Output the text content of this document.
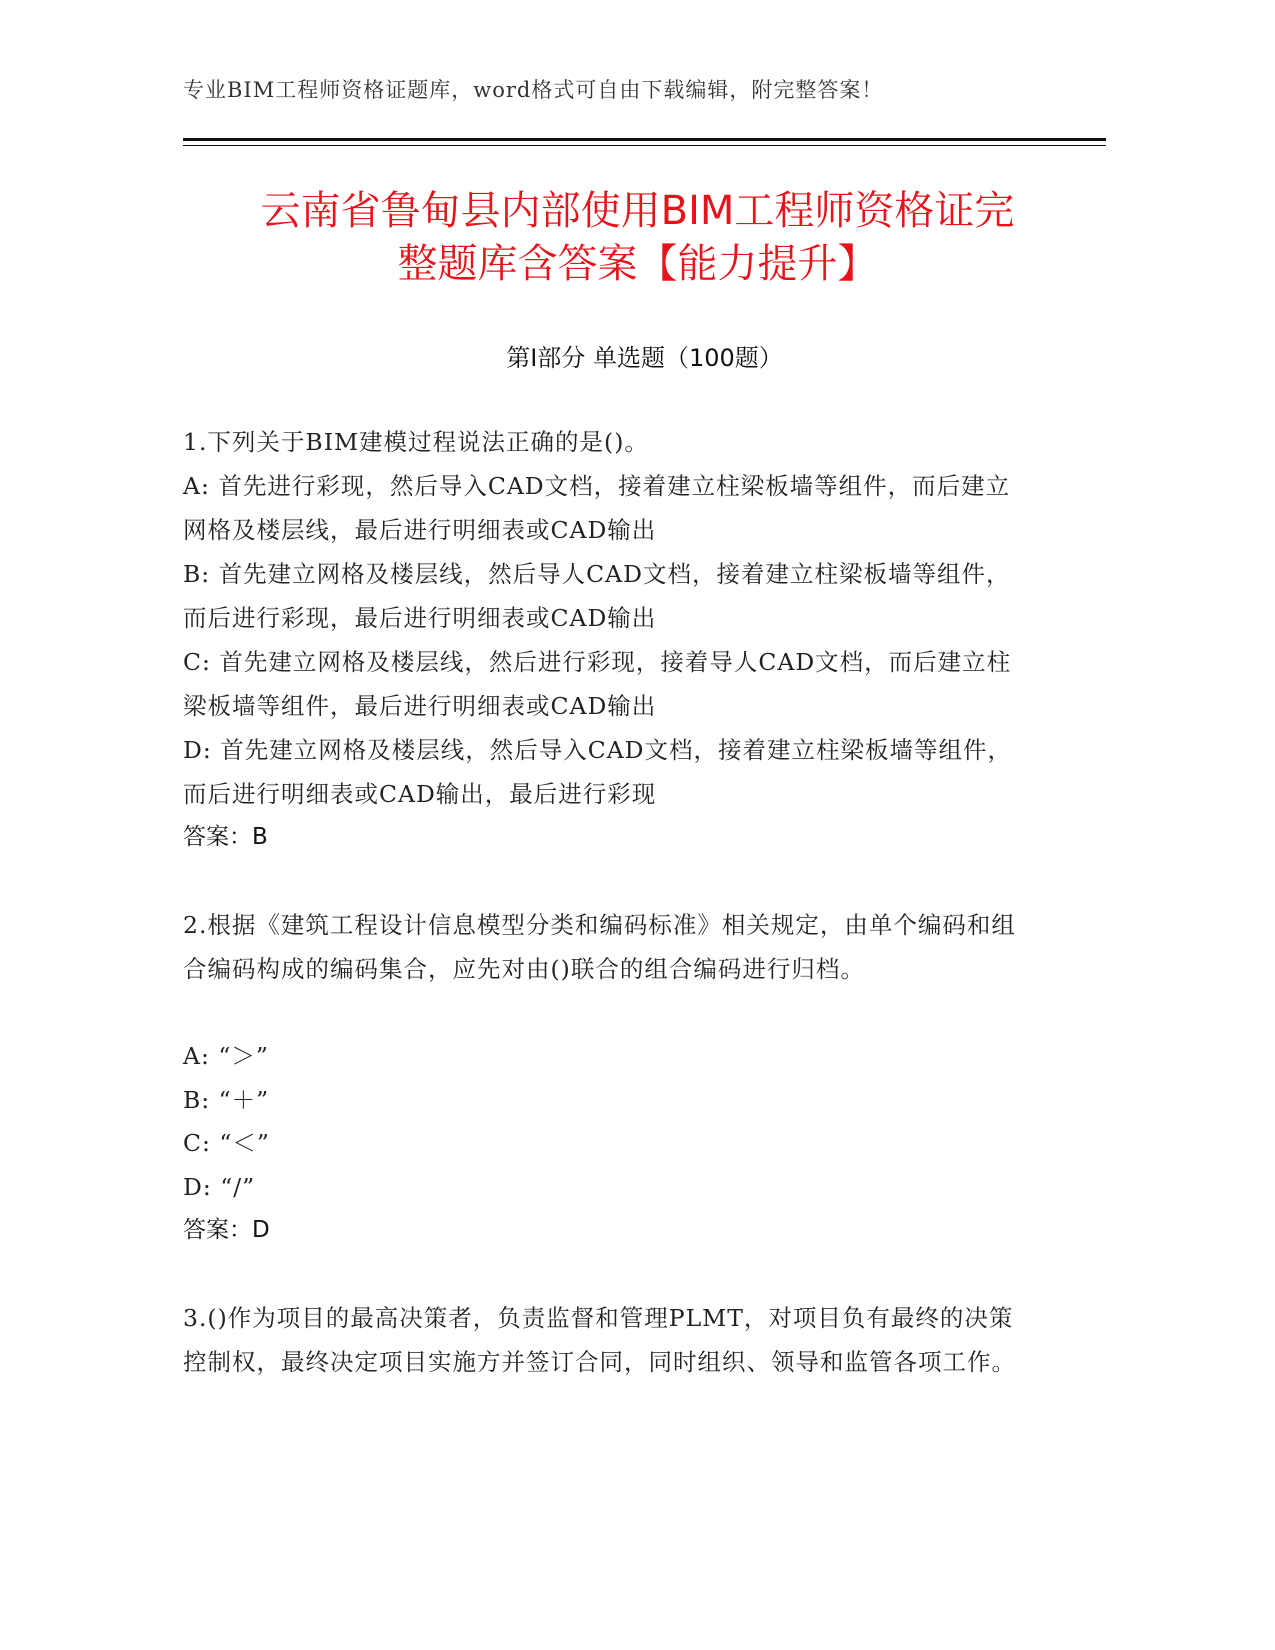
专业BIM工程师资格证题库，word格式可自由下载编辑，附完整答案！
云南省鲁甸县内部使用BIM工程师资格证完
整题库含答案【能力提升】
第Ⅰ部分 单选题（100题）

1.下列关于BIM建模过程说法正确的是()。

A: 首先进行彩现，然后导入CAD文档，接着建立柱梁板墙等组件，而后建立网格及楼层线，最后进行明细表或CAD输出

B: 首先建立网格及楼层线，然后导人CAD文档，接着建立柱梁板墙等组件，而后进行彩现，最后进行明细表或CAD输出

C: 首先建立网格及楼层线，然后进行彩现，接着导人CAD文档，而后建立柱梁板墙等组件，最后进行明细表或CAD输出

D: 首先建立网格及楼层线，然后导入CAD文档，接着建立柱梁板墙等组件，而后进行明细表或CAD输出，最后进行彩现

答案：B

2.根据《建筑工程设计信息模型分类和编码标准》相关规定，由单个编码和组合编码构成的编码集合，应先对由()联合的组合编码进行归档。

A: “＞”

B: “＋”

C: “＜”

D: “/”

答案：D

3.()作为项目的最高决策者，负责监督和管理PLMT，对项目负有最终的决策控制权，最终决定项目实施方并签订合同，同时组织、领导和监管各项工作。
